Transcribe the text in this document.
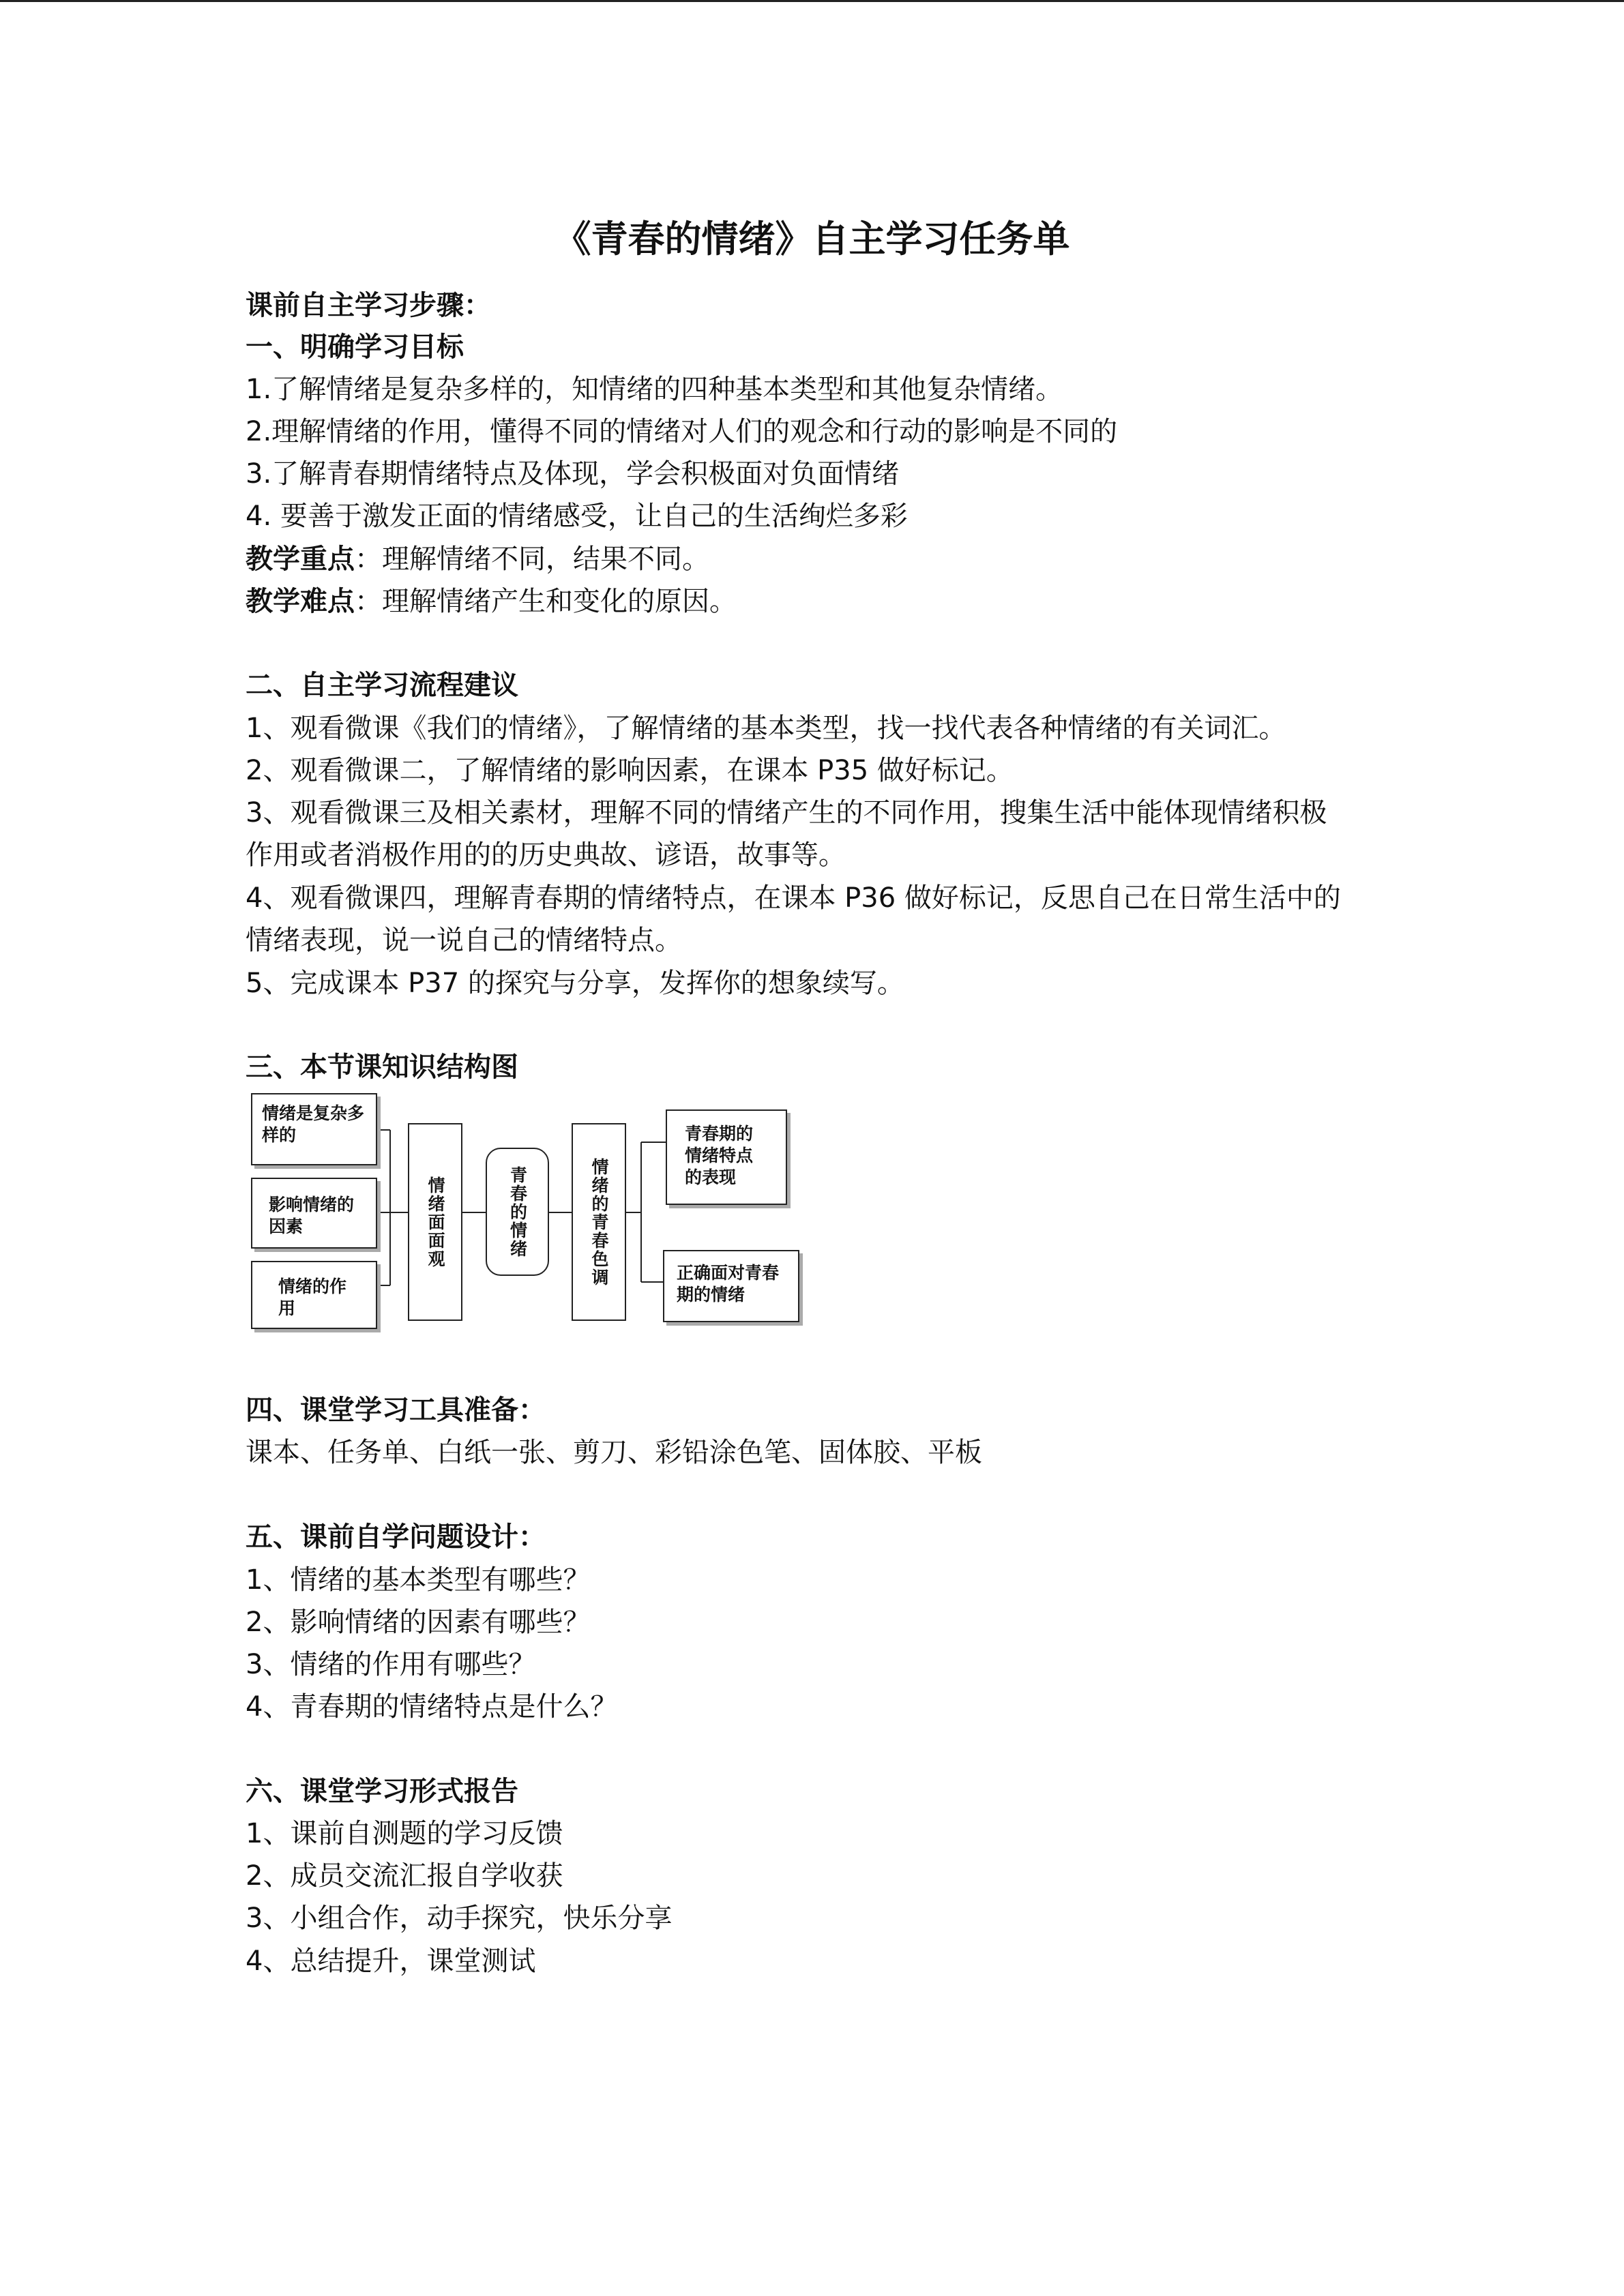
《青春的情绪》自主学习任务单
课前自主学习步骤：
一、明确学习目标
1.了解情绪是复杂多样的，知情绪的四种基本类型和其他复杂情绪。
2.理解情绪的作用，懂得不同的情绪对人们的观念和行动的影响是不同的
3.了解青春期情绪特点及体现，学会积极面对负面情绪
4. 要善于激发正面的情绪感受，让自己的生活绚烂多彩
教学重点：理解情绪不同，结果不同。
教学难点：理解情绪产生和变化的原因。
二、自主学习流程建议
1、观看微课《我们的情绪》，了解情绪的基本类型，找一找代表各种情绪的有关词汇。
2、观看微课二，了解情绪的影响因素，在课本 P35 做好标记。
3、观看微课三及相关素材，理解不同的情绪产生的不同作用，搜集生活中能体现情绪积极
作用或者消极作用的的历史典故、谚语，故事等。
4、观看微课四，理解青春期的情绪特点，在课本 P36 做好标记，反思自己在日常生活中的
情绪表现，说一说自己的情绪特点。
5、完成课本 P37 的探究与分享，发挥你的想象续写。
三、本节课知识结构图
情绪是复杂多样的
影响情绪的因素
情绪的作用
情绪面面观	青春的情绪	情绪的青春色调
青春期的情绪特点的表现
正确面对青春期的情绪
四、课堂学习工具准备：
课本、任务单、白纸一张、剪刀、彩铅涂色笔、固体胶、平板
五、课前自学问题设计：
1、情绪的基本类型有哪些？
2、影响情绪的因素有哪些？
3、情绪的作用有哪些？
4、青春期的情绪特点是什么？
六、课堂学习形式报告
1、课前自测题的学习反馈
2、成员交流汇报自学收获
3、小组合作，动手探究，快乐分享
4、总结提升，课堂测试
